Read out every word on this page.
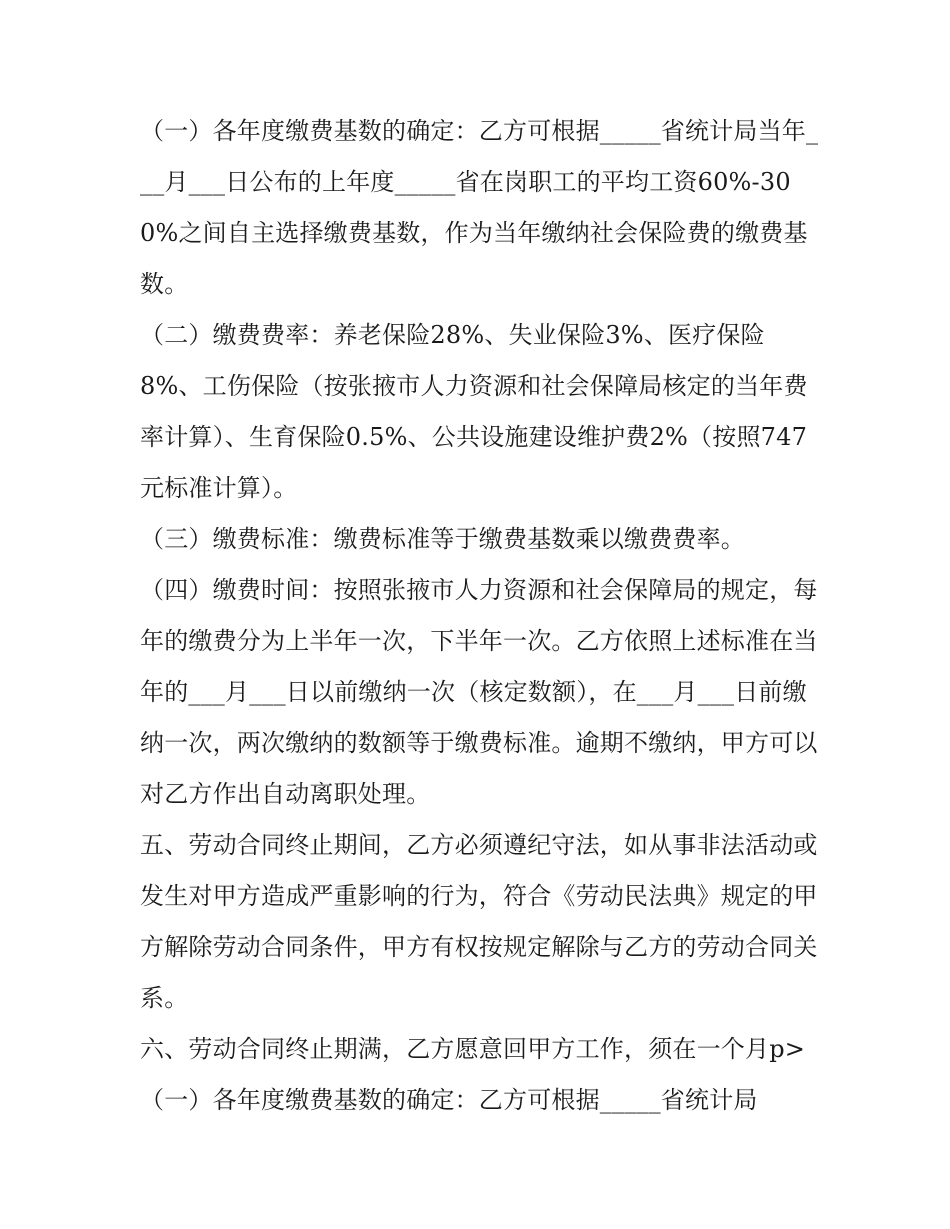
（一）各年度缴费基数的确定：乙方可根据_____省统计局当年___月___日公布的上年度_____省在岗职工的平均工资60%-300%之间自主选择缴费基数，作为当年缴纳社会保险费的缴费基数。

（二）缴费费率：养老保险28%、失业保险3%、医疗保险8%、工伤保险（按张掖市人力资源和社会保障局核定的当年费率计算）、生育保险0.5%、公共设施建设维护费2%（按照747元标准计算）。

（三）缴费标准：缴费标准等于缴费基数乘以缴费费率。

（四）缴费时间：按照张掖市人力资源和社会保障局的规定，每年的缴费分为上半年一次，下半年一次。乙方依照上述标准在当年的___月___日以前缴纳一次（核定数额），在___月___日前缴纳一次，两次缴纳的数额等于缴费标准。逾期不缴纳，甲方可以对乙方作出自动离职处理。

五、劳动合同终止期间，乙方必须遵纪守法，如从事非法活动或发生对甲方造成严重影响的行为，符合《劳动民法典》规定的甲方解除劳动合同条件，甲方有权按规定解除与乙方的劳动合同关系。

六、劳动合同终止期满，乙方愿意回甲方工作，须在一个月p>（一）各年度缴费基数的确定：乙方可根据_____省统计局
